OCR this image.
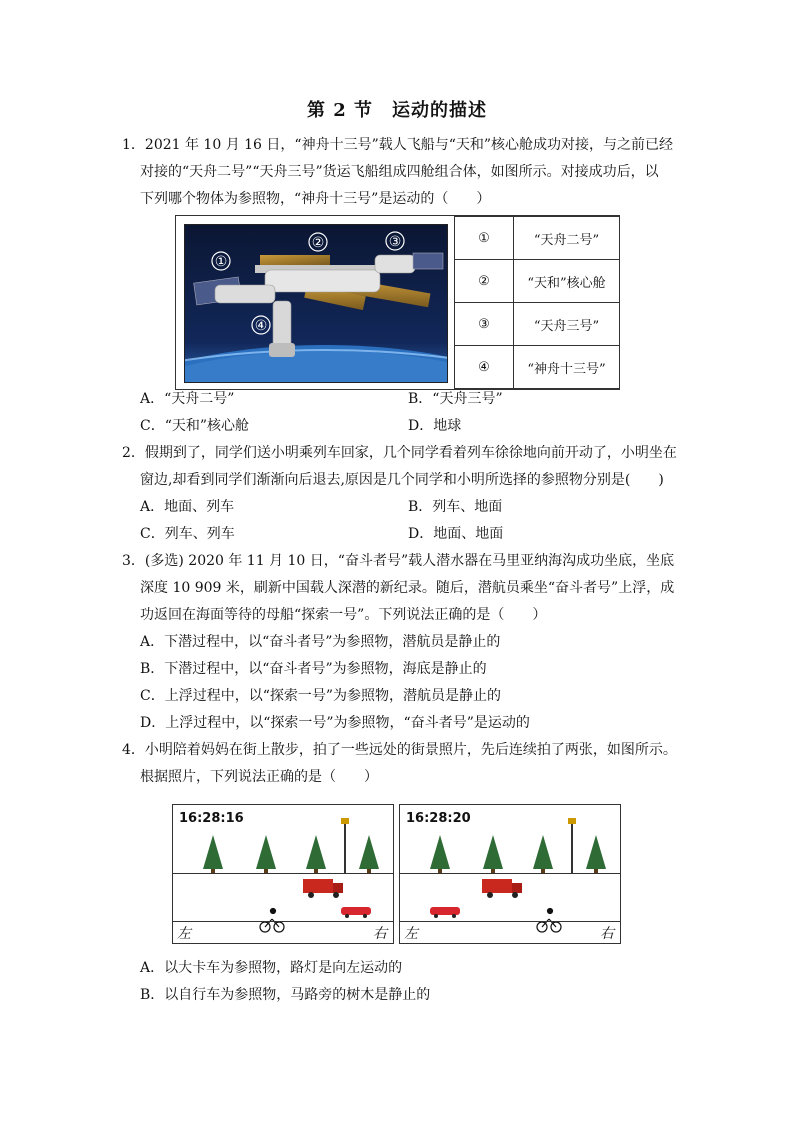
第 2 节　运动的描述
1．2021 年 10 月 16 日，“神舟十三号”载人飞船与“天和”核心舱成功对接，与之前已经
对接的“天舟二号”“天舟三号”货运飞船组成四舱组合体，如图所示。对接成功后，以
下列哪个物体为参照物，“神舟十三号”是运动的（　　）
①
②	③
④
①	“天舟二号”
②	“天和”核心舱
③	“天舟三号”
④	“神舟十三号”
A．“天舟二号”	B．“天舟三号”
C．“天和”核心舱	D．地球
2．假期到了，同学们送小明乘列车回家，几个同学看着列车徐徐地向前开动了，小明坐在
窗边,却看到同学们渐渐向后退去,原因是几个同学和小明所选择的参照物分别是(　　)
A．地面、列车	B．列车、地面
C．列车、列车	D．地面、地面
3．(多选) 2020 年 11 月 10 日，“奋斗者号”载人潜水器在马里亚纳海沟成功坐底，坐底
深度 10 909 米，刷新中国载人深潜的新纪录。随后，潜航员乘坐“奋斗者号”上浮，成
功返回在海面等待的母船“探索一号”。下列说法正确的是（　　）
A．下潜过程中，以“奋斗者号”为参照物，潜航员是静止的
B．下潜过程中，以“奋斗者号”为参照物，海底是静止的
C．上浮过程中，以“探索一号”为参照物，潜航员是静止的
D．上浮过程中，以“探索一号”为参照物，“奋斗者号”是运动的
4．小明陪着妈妈在街上散步，拍了一些远处的街景照片，先后连续拍了两张，如图所示。
根据照片，下列说法正确的是（　　）
16:28:16
左	右
16:28:20
左	右
A．以大卡车为参照物，路灯是向左运动的
B．以自行车为参照物，马路旁的树木是静止的
